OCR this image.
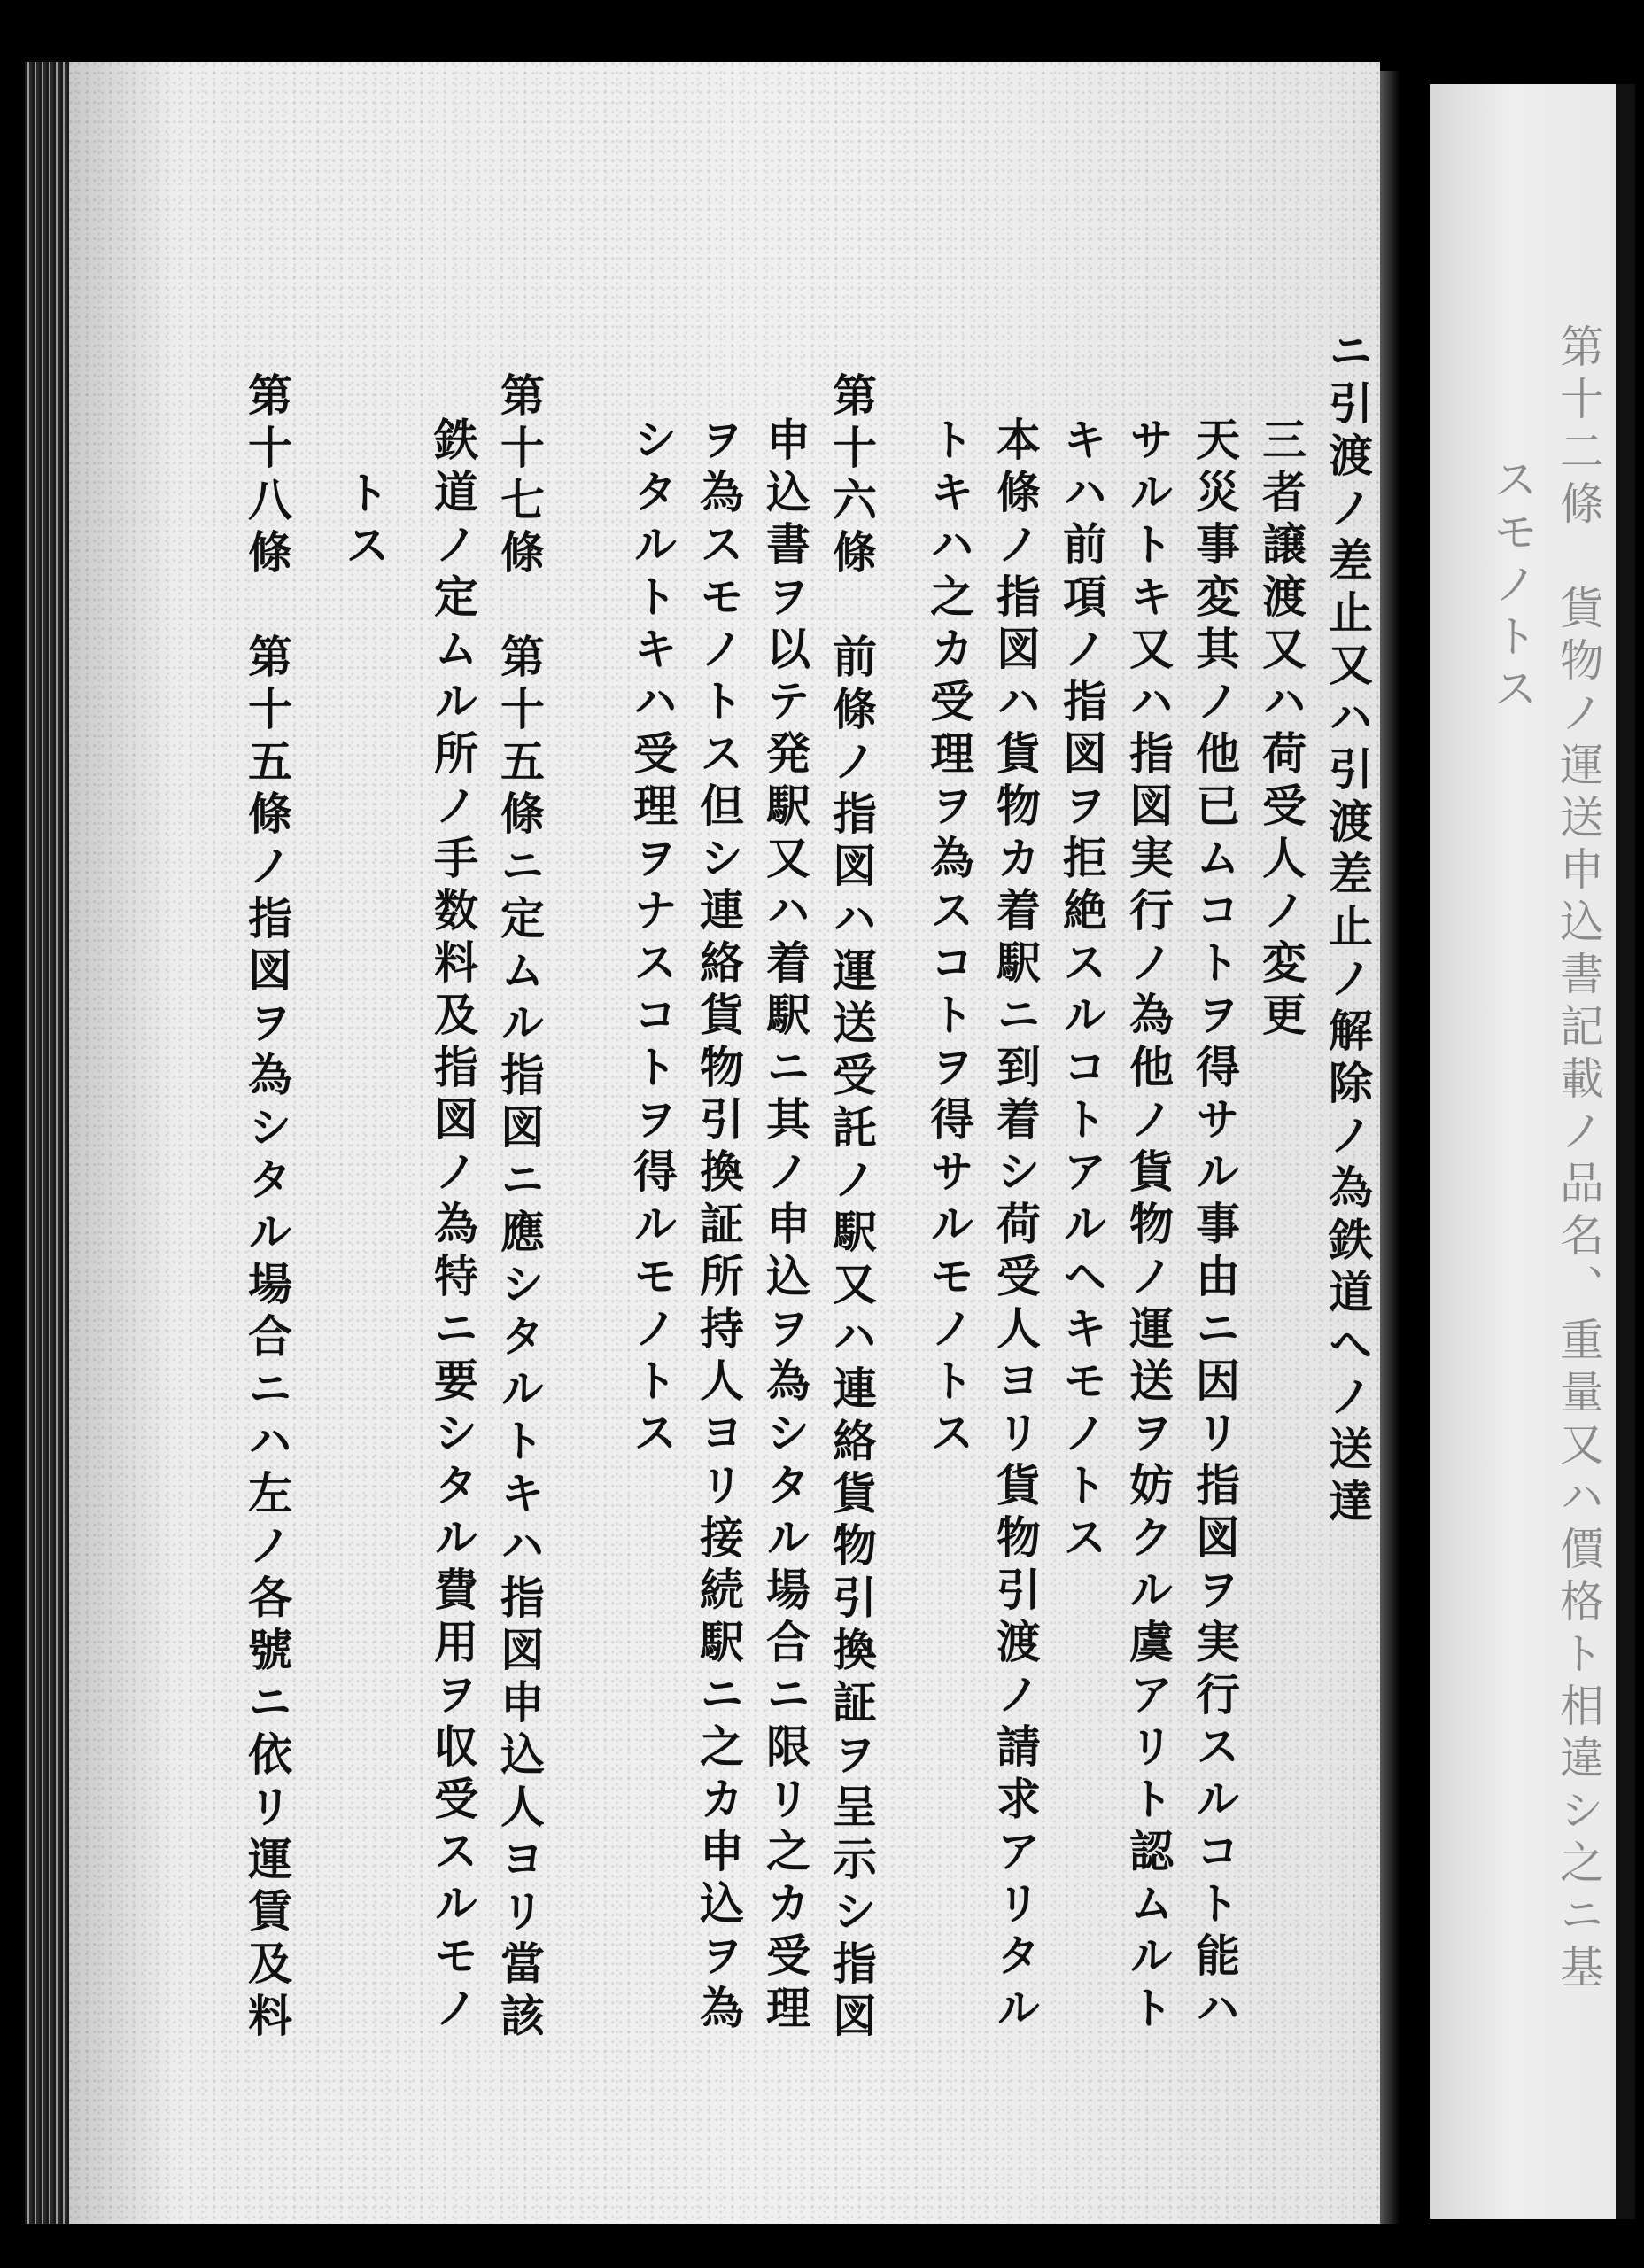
ニ引渡ノ差止又ハ引渡差止ノ解除ノ為鉄道へノ送達
三者譲渡又ハ荷受人ノ変更
天災事変其ノ他已ムコトヲ得サル事由ニ因リ指図ヲ実行スルコト能ハ
サルトキ又ハ指図実行ノ為他ノ貨物ノ運送ヲ妨クル虞アリト認ムルト
キハ前項ノ指図ヲ拒絶スルコトアルヘキモノトス
本條ノ指図ハ貨物カ着駅ニ到着シ荷受人ヨリ貨物引渡ノ請求アリタル
トキハ之カ受理ヲ為スコトヲ得サルモノトス
第十六條　前條ノ指図ハ運送受託ノ駅又ハ連絡貨物引換証ヲ呈示シ指図
申込書ヲ以テ発駅又ハ着駅ニ其ノ申込ヲ為シタル場合ニ限リ之カ受理
ヲ為スモノトス但シ連絡貨物引換証所持人ヨリ接続駅ニ之カ申込ヲ為
シタルトキハ受理ヲナスコトヲ得ルモノトス
トス 第十七條　第十五條ニ定ムル指図ニ應シタルトキハ指図申込人ヨリ當該
鉄道ノ定ムル所ノ手数料及指図ノ為特ニ要シタル費用ヲ収受スルモノ
第十八條　第十五條ノ指図ヲ為シタル場合ニハ左ノ各號ニ依リ運賃及料	第十二條　貨物ノ運送申込書記載ノ品名、重量又ハ價格ト相違シ之ニ基
スモノトス
